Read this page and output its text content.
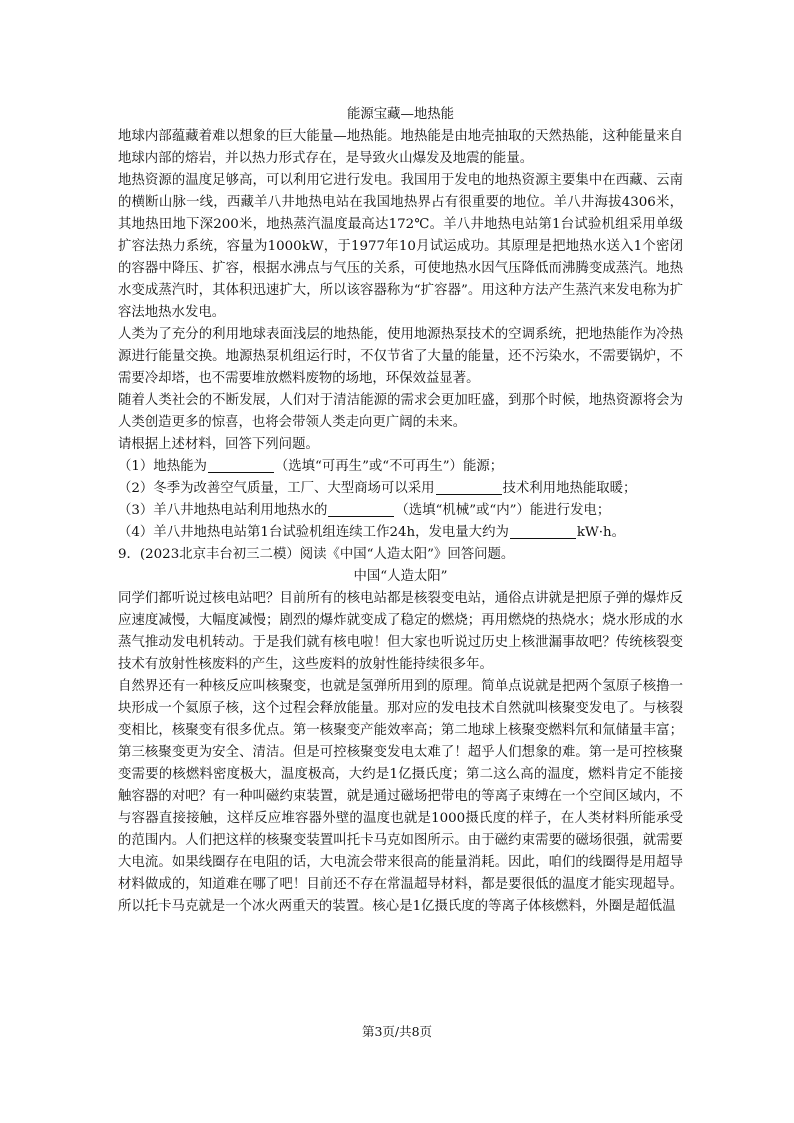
能源宝藏—地热能

地球内部蕴藏着难以想象的巨大能量—地热能。地热能是由地壳抽取的天然热能，这种能量来自地球内部的熔岩，并以热力形式存在，是导致火山爆发及地震的能量。

地热资源的温度足够高，可以利用它进行发电。我国用于发电的地热资源主要集中在西藏、云南的横断山脉一线，西藏羊八井地热电站在我国地热界占有很重要的地位。羊八井海拔4306米，其地热田地下深200米，地热蒸汽温度最高达172℃。羊八井地热电站第1台试验机组采用单级扩容法热力系统，容量为1000kW，于1977年10月试运成功。其原理是把地热水送入1个密闭的容器中降压、扩容，根据水沸点与气压的关系，可使地热水因气压降低而沸腾变成蒸汽。地热水变成蒸汽时，其体积迅速扩大，所以该容器称为“扩容器”。用这种方法产生蒸汽来发电称为扩容法地热水发电。

人类为了充分的利用地球表面浅层的地热能，使用地源热泵技术的空调系统，把地热能作为冷热源进行能量交换。地源热泵机组运行时，不仅节省了大量的能量，还不污染水，不需要锅炉，不需要冷却塔，也不需要堆放燃料废物的场地，环保效益显著。

随着人类社会的不断发展，人们对于清洁能源的需求会更加旺盛，到那个时候，地热资源将会为人类创造更多的惊喜，也将会带领人类走向更广阔的未来。

请根据上述材料，回答下列问题。

（1）地热能为	（选填“可再生”或“不可再生”）能源；

（2）冬季为改善空气质量，工厂、大型商场可以采用	技术利用地热能取暖；

（3）羊八井地热电站利用地热水的	（选填“机械”或“内”）能进行发电；

（4）羊八井地热电站第1台试验机组连续工作24h，发电量大约为	kW·h。

9．(2023北京丰台初三二模）阅读《中国“人造太阳”》回答问题。

中国“人造太阳”

同学们都听说过核电站吧？目前所有的核电站都是核裂变电站，通俗点讲就是把原子弹的爆炸反应速度减慢，大幅度减慢；剧烈的爆炸就变成了稳定的燃烧；再用燃烧的热烧水；烧水形成的水蒸气推动发电机转动。于是我们就有核电啦！但大家也听说过历史上核泄漏事故吧？传统核裂变技术有放射性核废料的产生，这些废料的放射性能持续很多年。

自然界还有一种核反应叫核聚变，也就是氢弹所用到的原理。简单点说就是把两个氢原子核撸一块形成一个氦原子核，这个过程会释放能量。那对应的发电技术自然就叫核聚变发电了。与核裂变相比，核聚变有很多优点。第一核聚变产能效率高；第二地球上核聚变燃料氘和氚储量丰富；第三核聚变更为安全、清洁。但是可控核聚变发电太难了！超乎人们想象的难。第一是可控核聚变需要的核燃料密度极大，温度极高，大约是1亿摄氏度；第二这么高的温度，燃料肯定不能接触容器的对吧？有一种叫磁约束装置，就是通过磁场把带电的等离子束缚在一个空间区域内，不与容器直接接触，这样反应堆容器外壁的温度也就是1000摄氏度的样子，在人类材料所能承受的范围内。人们把这样的核聚变装置叫托卡马克如图所示。由于磁约束需要的磁场很强，就需要大电流。如果线圈存在电阻的话，大电流会带来很高的能量消耗。因此，咱们的线圈得是用超导材料做成的，知道难在哪了吧！目前还不存在常温超导材料，都是要很低的温度才能实现超导。所以托卡马克就是一个冰火两重天的装置。核心是1亿摄氏度的等离子体核燃料，外圈是超低温

第3页/共8页
